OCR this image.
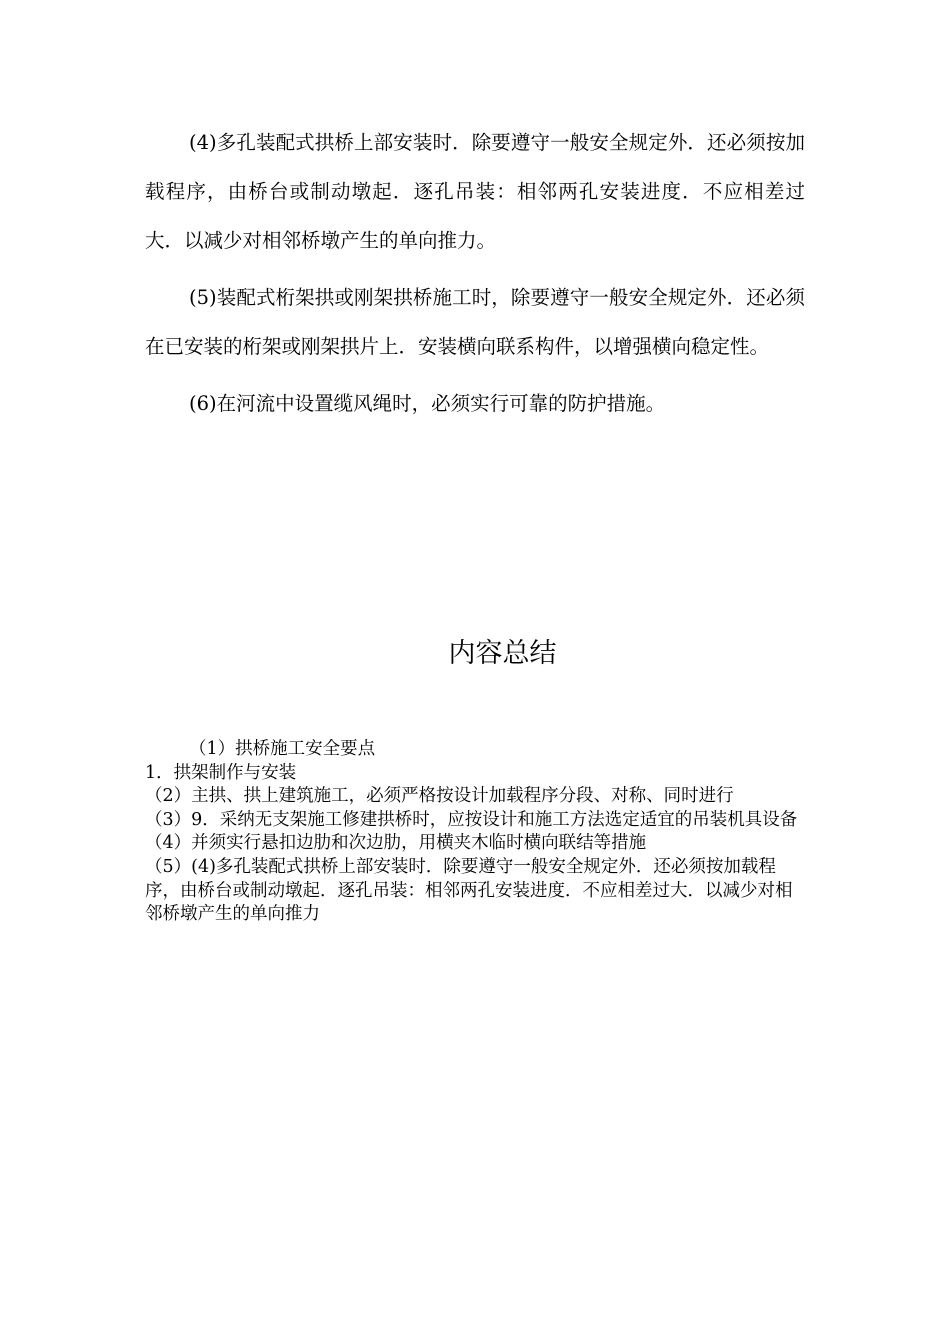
(4)多孔装配式拱桥上部安装时．除要遵守一般安全规定外．还必须按加载程序，由桥台或制动墩起．逐孔吊装：相邻两孔安装进度．不应相差过大．以减少对相邻桥墩产生的单向推力。

(5)装配式桁架拱或刚架拱桥施工时，除要遵守一般安全规定外．还必须在已安装的桁架或刚架拱片上．安装横向联系构件，以增强横向稳定性。

(6)在河流中设置缆风绳时，必须实行可靠的防护措施。

内容总结

（1）拱桥施工安全要点

1．拱架制作与安装

（2）主拱、拱上建筑施工，必须严格按设计加载程序分段、对称、同时进行

（3）9．采纳无支架施工修建拱桥时，应按设计和施工方法选定适宜的吊装机具设备

（4）并须实行悬扣边肋和次边肋，用横夹木临时横向联结等措施

（5）(4)多孔装配式拱桥上部安装时．除要遵守一般安全规定外．还必须按加载程序，由桥台或制动墩起．逐孔吊装：相邻两孔安装进度．不应相差过大．以减少对相邻桥墩产生的单向推力
